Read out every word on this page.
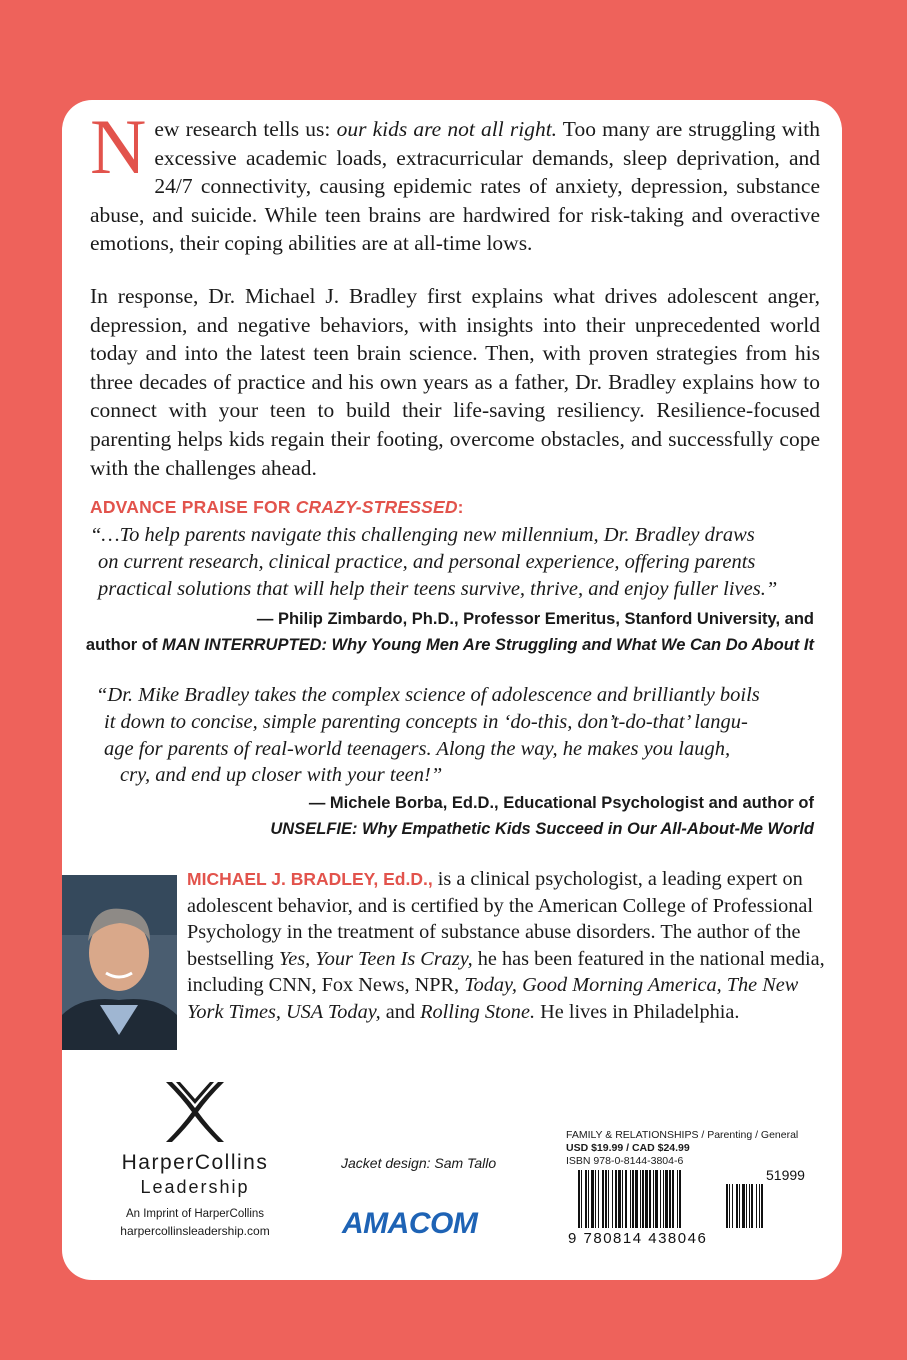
New research tells us: our kids are not all right. Too many are struggling with excessive academic loads, extracurricular demands, sleep deprivation, and 24/7 connectivity, causing epidemic rates of anxiety, depression, substance abuse, and suicide. While teen brains are hardwired for risk-taking and overactive emotions, their coping abilities are at all-time lows.
In response, Dr. Michael J. Bradley first explains what drives adolescent anger, depression, and negative behaviors, with insights into their unprecedented world today and into the latest teen brain science. Then, with proven strategies from his three decades of practice and his own years as a father, Dr. Bradley explains how to connect with your teen to build their life-saving resiliency. Resilience-focused parenting helps kids regain their footing, overcome obstacles, and successfully cope with the challenges ahead.
ADVANCE PRAISE FOR CRAZY-STRESSED:
“…To help parents navigate this challenging new millennium, Dr. Bradley draws
on current research, clinical practice, and personal experience, offering parents
practical solutions that will help their teens survive, thrive, and enjoy fuller lives.”
— Philip Zimbardo, Ph.D., Professor Emeritus, Stanford University, and
author of MAN INTERRUPTED: Why Young Men Are Struggling and What We Can Do About It
“Dr. Mike Bradley takes the complex science of adolescence and brilliantly boils
it down to concise, simple parenting concepts in ‘do-this, don’t-do-that’ langu-
age for parents of real-world teenagers. Along the way, he makes you laugh,
cry, and end up closer with your teen!”
— Michele Borba, Ed.D., Educational Psychologist and author of
UNSELFIE: Why Empathetic Kids Succeed in Our All-About-Me World
MICHAEL J. BRADLEY, Ed.D., is a clinical psychologist, a leading expert on adolescent behavior, and is certified by the American College of Professional Psychology in the treatment of substance abuse disorders. The author of the bestselling Yes, Your Teen Is Crazy, he has been featured in the national media, including CNN, Fox News, NPR, Today, Good Morning America, The New York Times, USA Today, and Rolling Stone. He lives in Philadelphia.
HarperCollins
Leadership
An Imprint of HarperCollins
harpercollinsleadership.com
Jacket design: Sam Tallo
AMACOM
FAMILY & RELATIONSHIPS / Parenting / General
USD $19.99 / CAD $24.99
ISBN 978-0-8144-3804-6
51999
9 780814 438046
